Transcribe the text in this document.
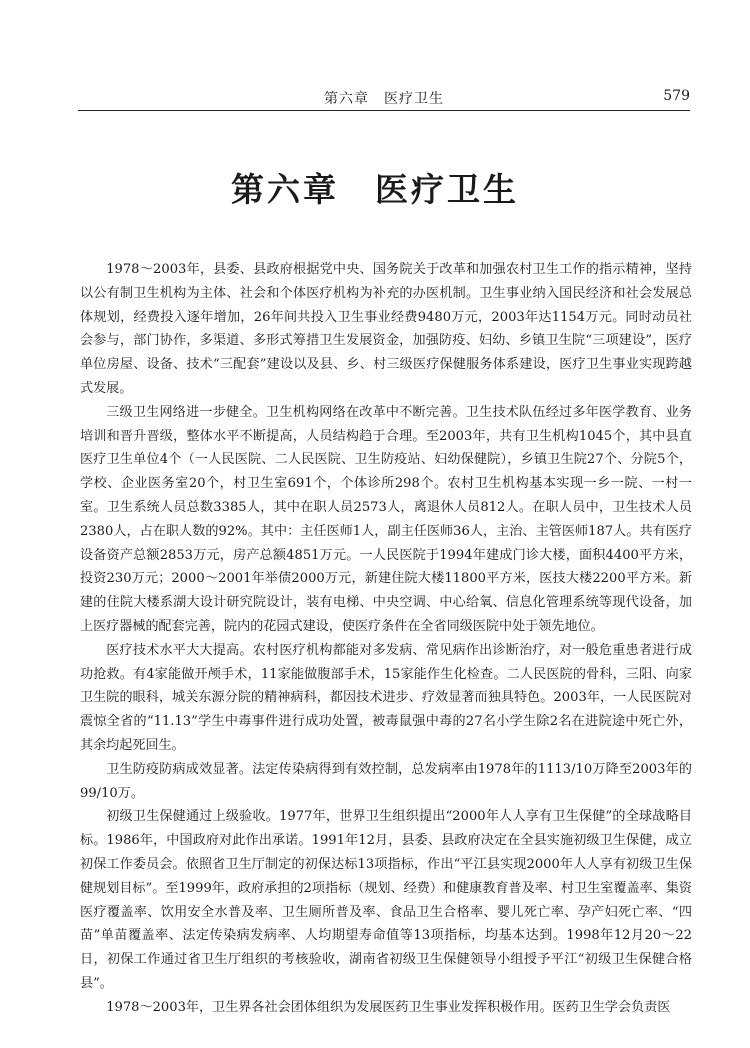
第六章　医疗卫生	579
第六章　医疗卫生

1978～2003年，县委、县政府根据党中央、国务院关于改革和加强农村卫生工作的指示精神，坚持以公有制卫生机构为主体、社会和个体医疗机构为补充的办医机制。卫生事业纳入国民经济和社会发展总体规划，经费投入逐年增加，26年间共投入卫生事业经费9480万元，2003年达1154万元。同时动员社会参与，部门协作，多渠道、多形式筹措卫生发展资金，加强防疫、妇幼、乡镇卫生院“三项建设”，医疗单位房屋、设备、技术“三配套”建设以及县、乡、村三级医疗保健服务体系建设，医疗卫生事业实现跨越式发展。

三级卫生网络进一步健全。卫生机构网络在改革中不断完善。卫生技术队伍经过多年医学教育、业务培训和晋升晋级，整体水平不断提高，人员结构趋于合理。至2003年，共有卫生机构1045个，其中县直医疗卫生单位4个（一人民医院、二人民医院、卫生防疫站、妇幼保健院），乡镇卫生院27个、分院5个，学校、企业医务室20个，村卫生室691个，个体诊所298个。农村卫生机构基本实现一乡一院、一村一室。卫生系统人员总数3385人，其中在职人员2573人，离退休人员812人。在职人员中，卫生技术人员2380人，占在职人数的92%。其中：主任医师1人，副主任医师36人，主治、主管医师187人。共有医疗设备资产总额2853万元，房产总额4851万元。一人民医院于1994年建成门诊大楼，面积4400平方米，投资230万元；2000～2001年举债2000万元，新建住院大楼11800平方米，医技大楼2200平方米。新建的住院大楼系湖大设计研究院设计，装有电梯、中央空调、中心给氧、信息化管理系统等现代设备，加上医疗器械的配套完善，院内的花园式建设，使医疗条件在全省同级医院中处于领先地位。

医疗技术水平大大提高。农村医疗机构都能对多发病、常见病作出诊断治疗，对一般危重患者进行成功抢救。有4家能做开颅手术，11家能做腹部手术，15家能作生化检查。二人民医院的骨科，三阳、向家卫生院的眼科，城关东源分院的精神病科，都因技术进步、疗效显著而独具特色。2003年，一人民医院对震惊全省的“11.13”学生中毒事件进行成功处置，被毒鼠强中毒的27名小学生除2名在进院途中死亡外，其余均起死回生。

卫生防疫防病成效显著。法定传染病得到有效控制，总发病率由1978年的1113/10万降至2003年的99/10万。

初级卫生保健通过上级验收。1977年，世界卫生组织提出“2000年人人享有卫生保健”的全球战略目标。1986年，中国政府对此作出承诺。1991年12月，县委、县政府决定在全县实施初级卫生保健，成立初保工作委员会。依照省卫生厅制定的初保达标13项指标，作出“平江县实现2000年人人享有初级卫生保健规划目标”。至1999年，政府承担的2项指标（规划、经费）和健康教育普及率、村卫生室覆盖率、集资医疗覆盖率、饮用安全水普及率、卫生厕所普及率、食品卫生合格率、婴儿死亡率、孕产妇死亡率、“四苗”单苗覆盖率、法定传染病发病率、人均期望寿命值等13项指标，均基本达到。1998年12月20～22日，初保工作通过省卫生厅组织的考核验收，湖南省初级卫生保健领导小组授予平江“初级卫生保健合格县”。

1978～2003年，卫生界各社会团体组织为发展医药卫生事业发挥积极作用。医药卫生学会负责医
